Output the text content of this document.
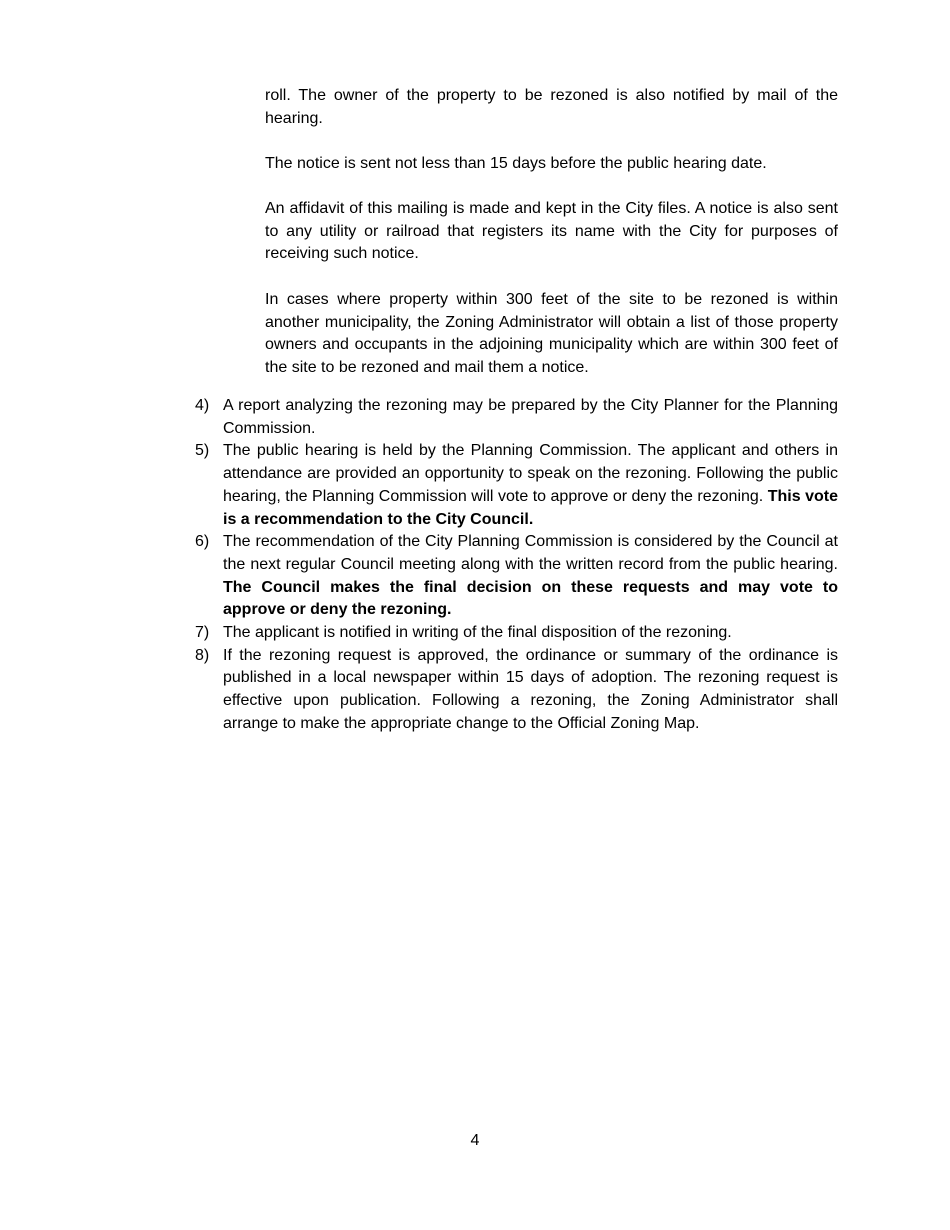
roll. The owner of the property to be rezoned is also notified by mail of the hearing.

The notice is sent not less than 15 days before the public hearing date.

An affidavit of this mailing is made and kept in the City files. A notice is also sent to any utility or railroad that registers its name with the City for purposes of receiving such notice.

In cases where property within 300 feet of the site to be rezoned is within another municipality, the Zoning Administrator will obtain a list of those property owners and occupants in the adjoining municipality which are within 300 feet of the site to be rezoned and mail them a notice.

4) A report analyzing the rezoning may be prepared by the City Planner for the Planning Commission.
5) The public hearing is held by the Planning Commission. The applicant and others in attendance are provided an opportunity to speak on the rezoning. Following the public hearing, the Planning Commission will vote to approve or deny the rezoning. This vote is a recommendation to the City Council.
6) The recommendation of the City Planning Commission is considered by the Council at the next regular Council meeting along with the written record from the public hearing. The Council makes the final decision on these requests and may vote to approve or deny the rezoning.
7) The applicant is notified in writing of the final disposition of the rezoning.
8) If the rezoning request is approved, the ordinance or summary of the ordinance is published in a local newspaper within 15 days of adoption. The rezoning request is effective upon publication. Following a rezoning, the Zoning Administrator shall arrange to make the appropriate change to the Official Zoning Map.
4
